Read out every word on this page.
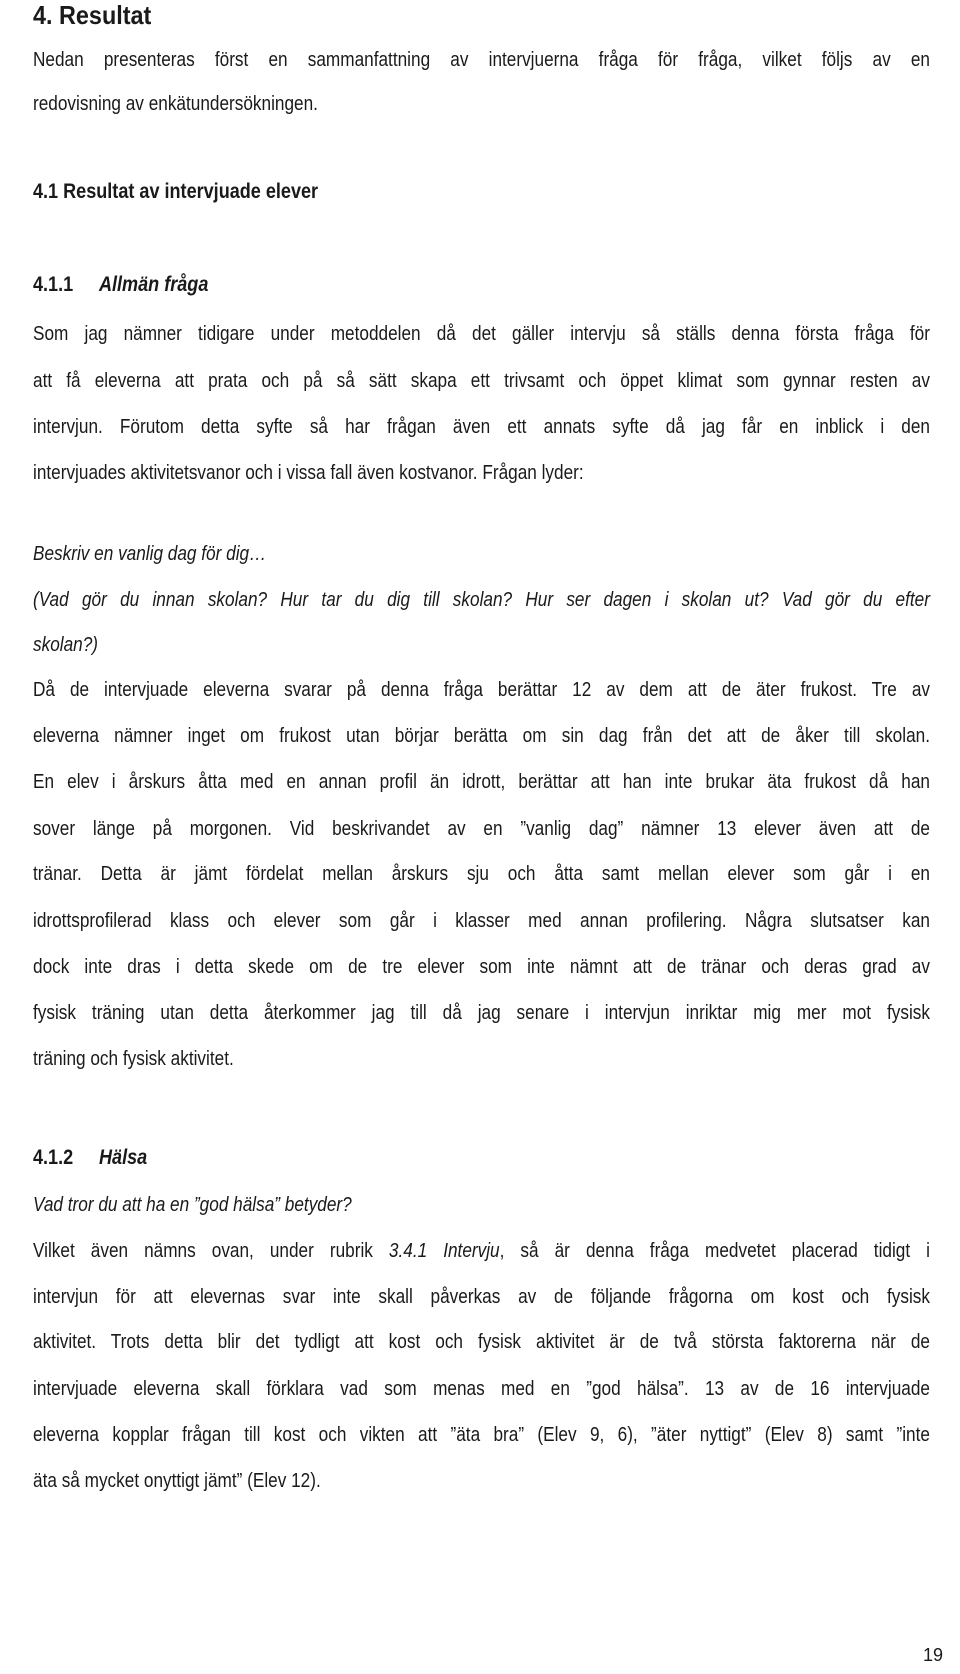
4. Resultat
Nedan presenteras först en sammanfattning av intervjuerna fråga för fråga, vilket följs av en
redovisning av enkätundersökningen.
4.1 Resultat av intervjuade elever
4.1.1 Allmän fråga
Som jag nämner tidigare under metoddelen då det gäller intervju så ställs denna första fråga för
att få eleverna att prata och på så sätt skapa ett trivsamt och öppet klimat som gynnar resten av
intervjun. Förutom detta syfte så har frågan även ett annats syfte då jag får en inblick i den
intervjuades aktivitetsvanor och i vissa fall även kostvanor. Frågan lyder:
Beskriv en vanlig dag för dig…
(Vad gör du innan skolan? Hur tar du dig till skolan? Hur ser dagen i skolan ut? Vad gör du efter
skolan?)
Då de intervjuade eleverna svarar på denna fråga berättar 12 av dem att de äter frukost. Tre av
eleverna nämner inget om frukost utan börjar berätta om sin dag från det att de åker till skolan.
En elev i årskurs åtta med en annan profil än idrott, berättar att han inte brukar äta frukost då han
sover länge på morgonen. Vid beskrivandet av en ”vanlig dag” nämner 13 elever även att de
tränar. Detta är jämt fördelat mellan årskurs sju och åtta samt mellan elever som går i en
idrottsprofilerad klass och elever som går i klasser med annan profilering. Några slutsatser kan
dock inte dras i detta skede om de tre elever som inte nämnt att de tränar och deras grad av
fysisk träning utan detta återkommer jag till då jag senare i intervjun inriktar mig mer mot fysisk
träning och fysisk aktivitet.
4.1.2 Hälsa
Vad tror du att ha en ”god hälsa” betyder?
Vilket även nämns ovan, under rubrik 3.4.1 Intervju, så är denna fråga medvetet placerad tidigt i
intervjun för att elevernas svar inte skall påverkas av de följande frågorna om kost och fysisk
aktivitet. Trots detta blir det tydligt att kost och fysisk aktivitet är de två största faktorerna när de
intervjuade eleverna skall förklara vad som menas med en ”god hälsa”. 13 av de 16 intervjuade
eleverna kopplar frågan till kost och vikten att ”äta bra” (Elev 9, 6), ”äter nyttigt” (Elev 8) samt ”inte
äta så mycket onyttigt jämt” (Elev 12).
19
